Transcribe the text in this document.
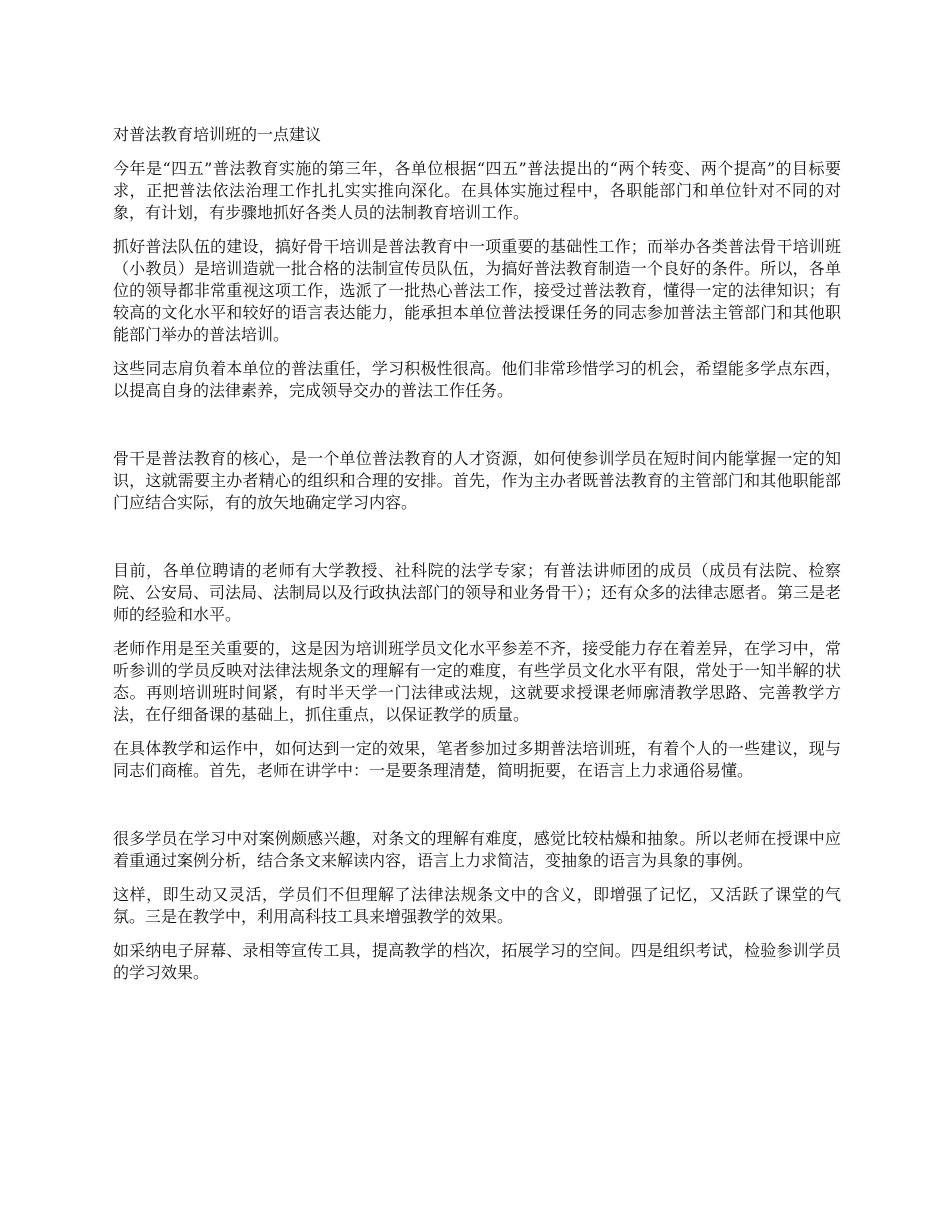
对普法教育培训班的一点建议

今年是“四五”普法教育实施的第三年，各单位根据“四五”普法提出的“两个转变、两个提高”的目标要求，正把普法依法治理工作扎扎实实推向深化。在具体实施过程中，各职能部门和单位针对不同的对象，有计划，有步骤地抓好各类人员的法制教育培训工作。

抓好普法队伍的建设，搞好骨干培训是普法教育中一项重要的基础性工作；而举办各类普法骨干培训班（小教员）是培训造就一批合格的法制宣传员队伍，为搞好普法教育制造一个良好的条件。所以，各单位的领导都非常重视这项工作，选派了一批热心普法工作，接受过普法教育，懂得一定的法律知识；有较高的文化水平和较好的语言表达能力，能承担本单位普法授课任务的同志参加普法主管部门和其他职能部门举办的普法培训。

这些同志肩负着本单位的普法重任，学习积极性很高。他们非常珍惜学习的机会，希望能多学点东西，以提高自身的法律素养，完成领导交办的普法工作任务。

骨干是普法教育的核心，是一个单位普法教育的人才资源，如何使参训学员在短时间内能掌握一定的知识，这就需要主办者精心的组织和合理的安排。首先，作为主办者既普法教育的主管部门和其他职能部门应结合实际，有的放矢地确定学习内容。

目前，各单位聘请的老师有大学教授、社科院的法学专家；有普法讲师团的成员（成员有法院、检察院、公安局、司法局、法制局以及行政执法部门的领导和业务骨干）；还有众多的法律志愿者。第三是老师的经验和水平。

老师作用是至关重要的，这是因为培训班学员文化水平参差不齐，接受能力存在着差异，在学习中，常听参训的学员反映对法律法规条文的理解有一定的难度，有些学员文化水平有限，常处于一知半解的状态。再则培训班时间紧，有时半天学一门法律或法规，这就要求授课老师廓清教学思路、完善教学方法，在仔细备课的基础上，抓住重点，以保证教学的质量。

在具体教学和运作中，如何达到一定的效果，笔者参加过多期普法培训班，有着个人的一些建议，现与同志们商榷。首先，老师在讲学中：一是要条理清楚，简明扼要，在语言上力求通俗易懂。

很多学员在学习中对案例颇感兴趣，对条文的理解有难度，感觉比较枯燥和抽象。所以老师在授课中应着重通过案例分析，结合条文来解读内容，语言上力求简洁，变抽象的语言为具象的事例。

这样，即生动又灵活，学员们不但理解了法律法规条文中的含义，即增强了记忆，又活跃了课堂的气氛。三是在教学中，利用高科技工具来增强教学的效果。

如采纳电子屏幕、录相等宣传工具，提高教学的档次，拓展学习的空间。四是组织考试，检验参训学员的学习效果。
